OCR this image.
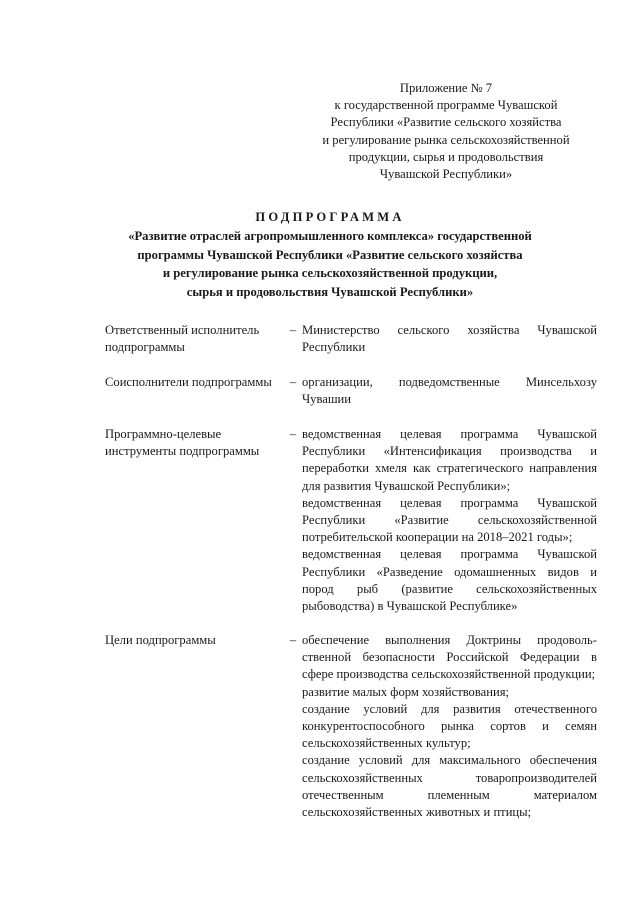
Приложение № 7
к государственной программе Чувашской
Республики «Развитие сельского хозяйства
и регулирование рынка сельскохозяйственной
продукции, сырья и продовольствия
Чувашской Республики»
ПОДПРОГРАММА
«Развитие отраслей агропромышленного комплекса» государственной
программы Чувашской Республики «Развитие сельского хозяйства
и регулирование рынка сельскохозяйственной продукции,
сырья и продовольствия Чувашской Республики»
Ответственный исполнитель подпрограммы
– Министерство сельского хозяйства Чувашской Республики
Соисполнители подпрограммы	– организации, подведомственные Минсельхозу Чувашии
Программно-целевые инструменты подпрограммы
– ведомственная целевая программа Чувашской Республики «Интенсификация производства и переработки хмеля как стратегического направления для развития Чувашской Республики»;
ведомственная целевая программа Чувашской Республики «Развитие сельскохозяйственной потребительской кооперации на 2018–2021 годы»;
ведомственная целевая программа Чувашской Республики «Разведение одомашненных видов и пород рыб (развитие сельскохозяйственных рыбоводства) в Чувашской Республике»
Цели подпрограммы	– обеспечение выполнения Доктрины продовольственной безопасности Российской Федерации в сфере производства сельскохозяйственной продукции;
развитие малых форм хозяйствования;
создание условий для развития отечественного конкурентоспособного рынка сортов и семян сельскохозяйственных культур;
создание условий для максимального обеспечения сельскохозяйственных товаропроизводителей отечественным племенным материалом сельскохозяйственных животных и птицы;
